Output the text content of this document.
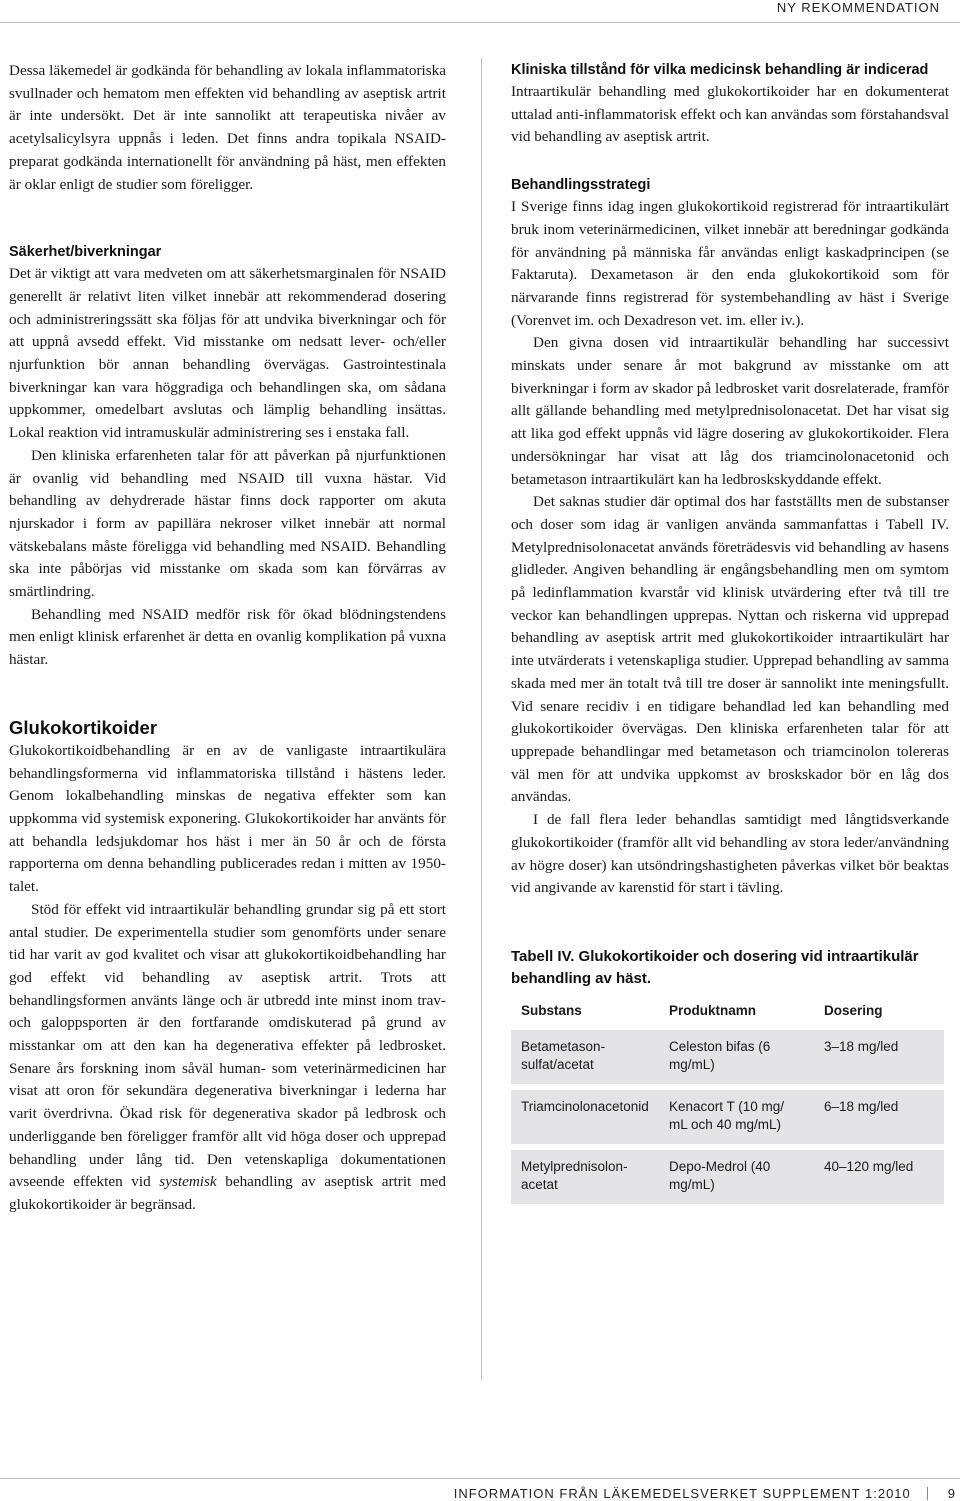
NY REKOMMENDATION

Dessa läkemedel är godkända för behandling av lokala inflammatoriska svullnader och hematom men effekten vid behandling av aseptisk artrit är inte undersökt. Det är inte sannolikt att terapeutiska nivåer av acetylsalicylsyra uppnås i leden. Det finns andra topikala NSAID-preparat godkända internationellt för användning på häst, men effekten är oklar enligt de studier som föreligger.

Säkerhet/biverkningar

Det är viktigt att vara medveten om att säkerhetsmarginalen för NSAID generellt är relativt liten vilket innebär att rekommenderad dosering och administreringssätt ska följas för att undvika biverkningar och för att uppnå avsedd effekt. Vid misstanke om nedsatt lever- och/eller njurfunktion bör annan behandling övervägas. Gastrointestinala biverkningar kan vara höggradiga och behandlingen ska, om sådana uppkommer, omedelbart avslutas och lämplig behandling insättas. Lokal reaktion vid intramuskulär administrering ses i enstaka fall.

Den kliniska erfarenheten talar för att påverkan på njurfunktionen är ovanlig vid behandling med NSAID till vuxna hästar. Vid behandling av dehydrerade hästar finns dock rapporter om akuta njurskador i form av papillära nekroser vilket innebär att normal vätskebalans måste föreligga vid behandling med NSAID. Behandling ska inte påbörjas vid misstanke om skada som kan förvärras av smärtlindring.

Behandling med NSAID medför risk för ökad blödningstendens men enligt klinisk erfarenhet är detta en ovanlig komplikation på vuxna hästar.

Glukokortikoider

Glukokortikoidbehandling är en av de vanligaste intraartikulära behandlingsformerna vid inflammatoriska tillstånd i hästens leder. Genom lokalbehandling minskas de negativa effekter som kan uppkomma vid systemisk exponering. Glukokortikoider har använts för att behandla ledsjukdomar hos häst i mer än 50 år och de första rapporterna om denna behandling publicerades redan i mitten av 1950-talet.

Stöd för effekt vid intraartikulär behandling grundar sig på ett stort antal studier. De experimentella studier som genomförts under senare tid har varit av god kvalitet och visar att glukokortikoidbehandling har god effekt vid behandling av aseptisk artrit. Trots att behandlingsformen använts länge och är utbredd inte minst inom trav- och galoppsporten är den fortfarande omdiskuterad på grund av misstankar om att den kan ha degenerativa effekter på ledbrosket. Senare års forskning inom såväl human- som veterinärmedicinen har visat att oron för sekundära degenerativa biverkningar i lederna har varit överdrivna. Ökad risk för degenerativa skador på ledbrosk och underliggande ben föreligger framför allt vid höga doser och upprepad behandling under lång tid. Den vetenskapliga dokumentationen avseende effekten vid systemisk behandling av aseptisk artrit med glukokortikoider är begränsad.

Kliniska tillstånd för vilka medicinsk behandling är indicerad

Intraartikulär behandling med glukokortikoider har en dokumenterat uttalad anti-inflammatorisk effekt och kan användas som förstahandsval vid behandling av aseptisk artrit.

Behandlingsstrategi

I Sverige finns idag ingen glukokortikoid registrerad för intraartikulärt bruk inom veterinärmedicinen, vilket innebär att beredningar godkända för användning på människa får användas enligt kaskadprincipen (se Faktaruta). Dexametason är den enda glukokortikoid som för närvarande finns registrerad för systembehandling av häst i Sverige (Vorenvet im. och Dexadreson vet. im. eller iv.).

Den givna dosen vid intraartikulär behandling har successivt minskats under senare år mot bakgrund av misstanke om att biverkningar i form av skador på ledbrosket varit dosrelaterade, framför allt gällande behandling med metylprednisolonacetat. Det har visat sig att lika god effekt uppnås vid lägre dosering av glukokortikoider. Flera undersökningar har visat att låg dos triamcinolonacetonid och betametason intraartikulärt kan ha ledbroskskyddande effekt.

Det saknas studier där optimal dos har fastställts men de substanser och doser som idag är vanligen använda sammanfattas i Tabell IV. Metylprednisolonacetat används företrädesvis vid behandling av hasens glidleder. Angiven behandling är engångsbehandling men om symtom på ledinflammation kvarstår vid klinisk utvärdering efter två till tre veckor kan behandlingen upprepas. Nyttan och riskerna vid upprepad behandling av aseptisk artrit med glukokortikoider intraartikulärt har inte utvärderats i vetenskapliga studier. Upprepad behandling av samma skada med mer än totalt två till tre doser är sannolikt inte meningsfullt. Vid senare recidiv i en tidigare behandlad led kan behandling med glukokortikoider övervägas. Den kliniska erfarenheten talar för att upprepade behandlingar med betametason och triamcinolon tolereras väl men för att undvika uppkomst av broskskador bör en låg dos användas.

I de fall flera leder behandlas samtidigt med långtidsverkande glukokortikoider (framför allt vid behandling av stora leder/användning av högre doser) kan utsöndringshastigheten påverkas vilket bör beaktas vid angivande av karenstid för start i tävling.

Tabell IV. Glukokortikoider och dosering vid intraartikulär behandling av häst.
Substans	Produktnamn	Dosering
Betametasonsulfat/acetat	Celeston bifas (6 mg/mL)	3–18 mg/led
Triamcinolonacetonid	Kenacort T (10 mg/ mL och 40 mg/mL)	6–18 mg/led
Metylprednisolonacetat	Depo-Medrol (40 mg/mL)	40–120 mg/led
INFORMATION FRÅN LÄKEMEDELSVERKET SUPPLEMENT 1:2010	9
